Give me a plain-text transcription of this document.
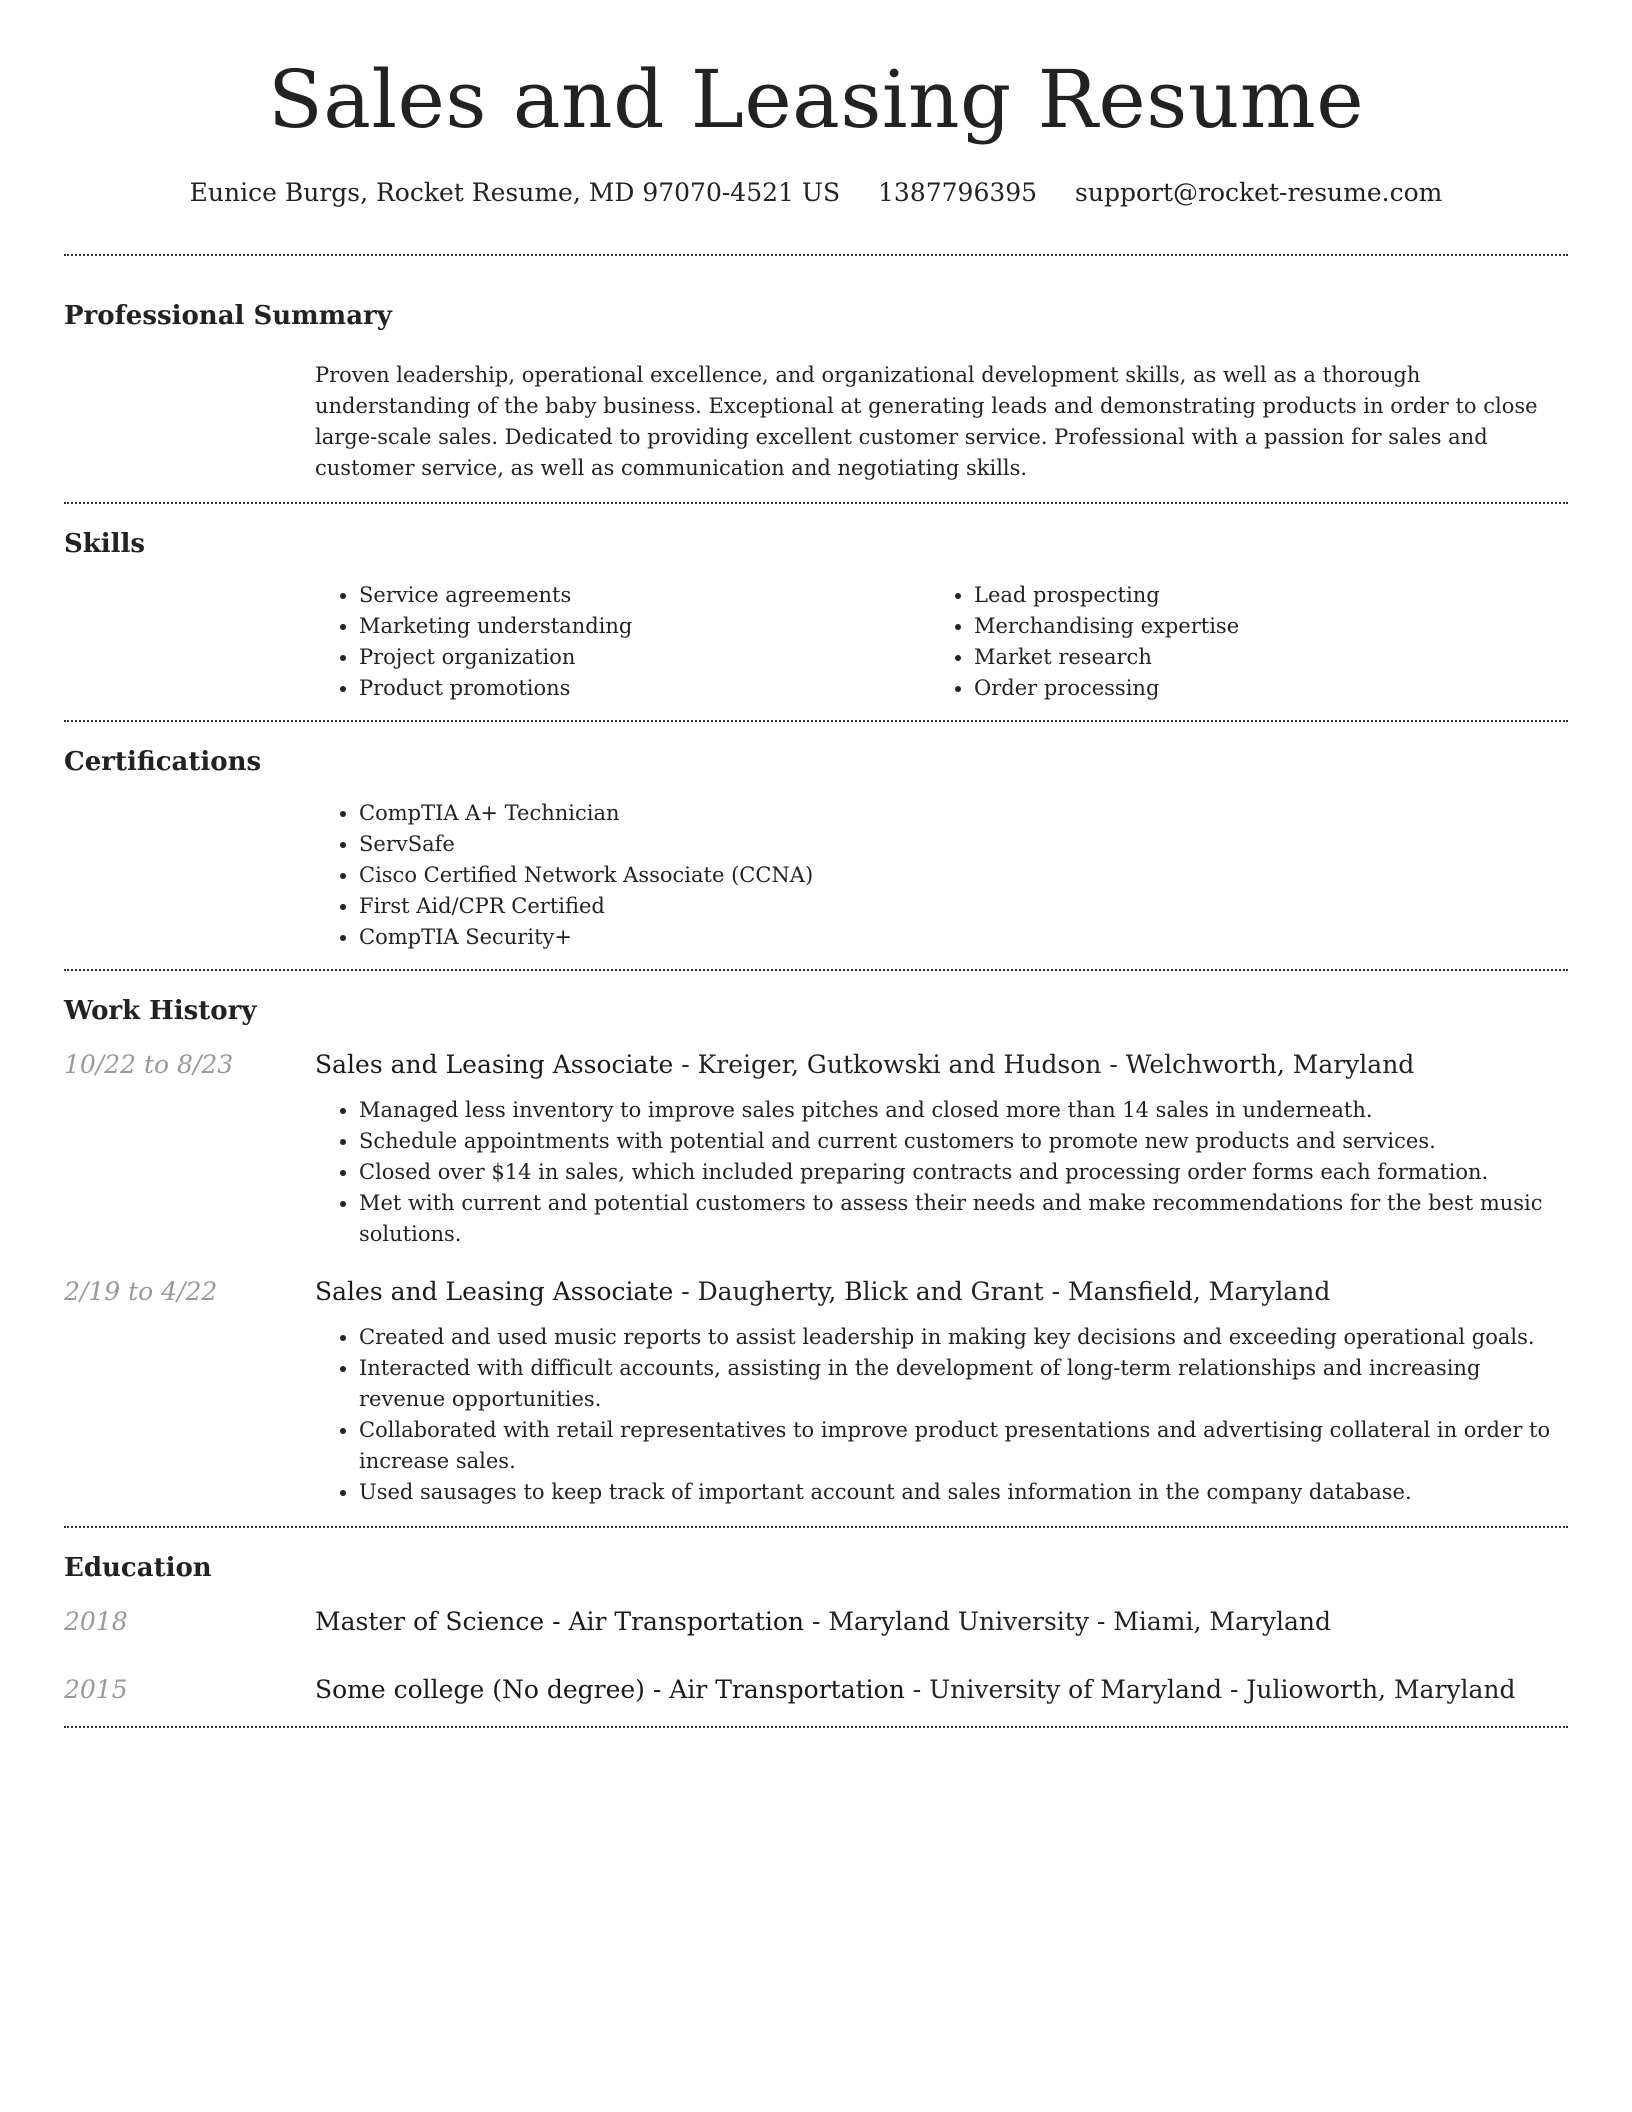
Sales and Leasing Resume
Eunice Burgs, Rocket Resume, MD 97070-4521 US 1387796395 support@rocket-resume.com
Professional Summary

Proven leadership, operational excellence, and organizational development skills, as well as a thorough understanding of the baby business. Exceptional at generating leads and demonstrating products in order to close large-scale sales. Dedicated to providing excellent customer service. Professional with a passion for sales and customer service, as well as communication and negotiating skills.

Skills
• Service agreements
• Marketing understanding
• Project organization
• Product promotions
• Lead prospecting
• Merchandising expertise
• Market research
• Order processing
Certifications
• CompTIA A+ Technician
• ServSafe
• Cisco Certified Network Associate (CCNA)
• First Aid/CPR Certified
• CompTIA Security+
Work History
10/22 to 8/23	Sales and Leasing Associate - Kreiger, Gutkowski and Hudson - Welchworth, Maryland
• Managed less inventory to improve sales pitches and closed more than 14 sales in underneath.
• Schedule appointments with potential and current customers to promote new products and services.
• Closed over $14 in sales, which included preparing contracts and processing order forms each formation.
• Met with current and potential customers to assess their needs and make recommendations for the best music solutions.
2/19 to 4/22	Sales and Leasing Associate - Daugherty, Blick and Grant - Mansfield, Maryland
• Created and used music reports to assist leadership in making key decisions and exceeding operational goals.
• Interacted with difficult accounts, assisting in the development of long-term relationships and increasing revenue opportunities.
• Collaborated with retail representatives to improve product presentations and advertising collateral in order to increase sales.
• Used sausages to keep track of important account and sales information in the company database.
Education
2018	Master of Science - Air Transportation - Maryland University - Miami, Maryland
2015	Some college (No degree) - Air Transportation - University of Maryland - Julioworth, Maryland
